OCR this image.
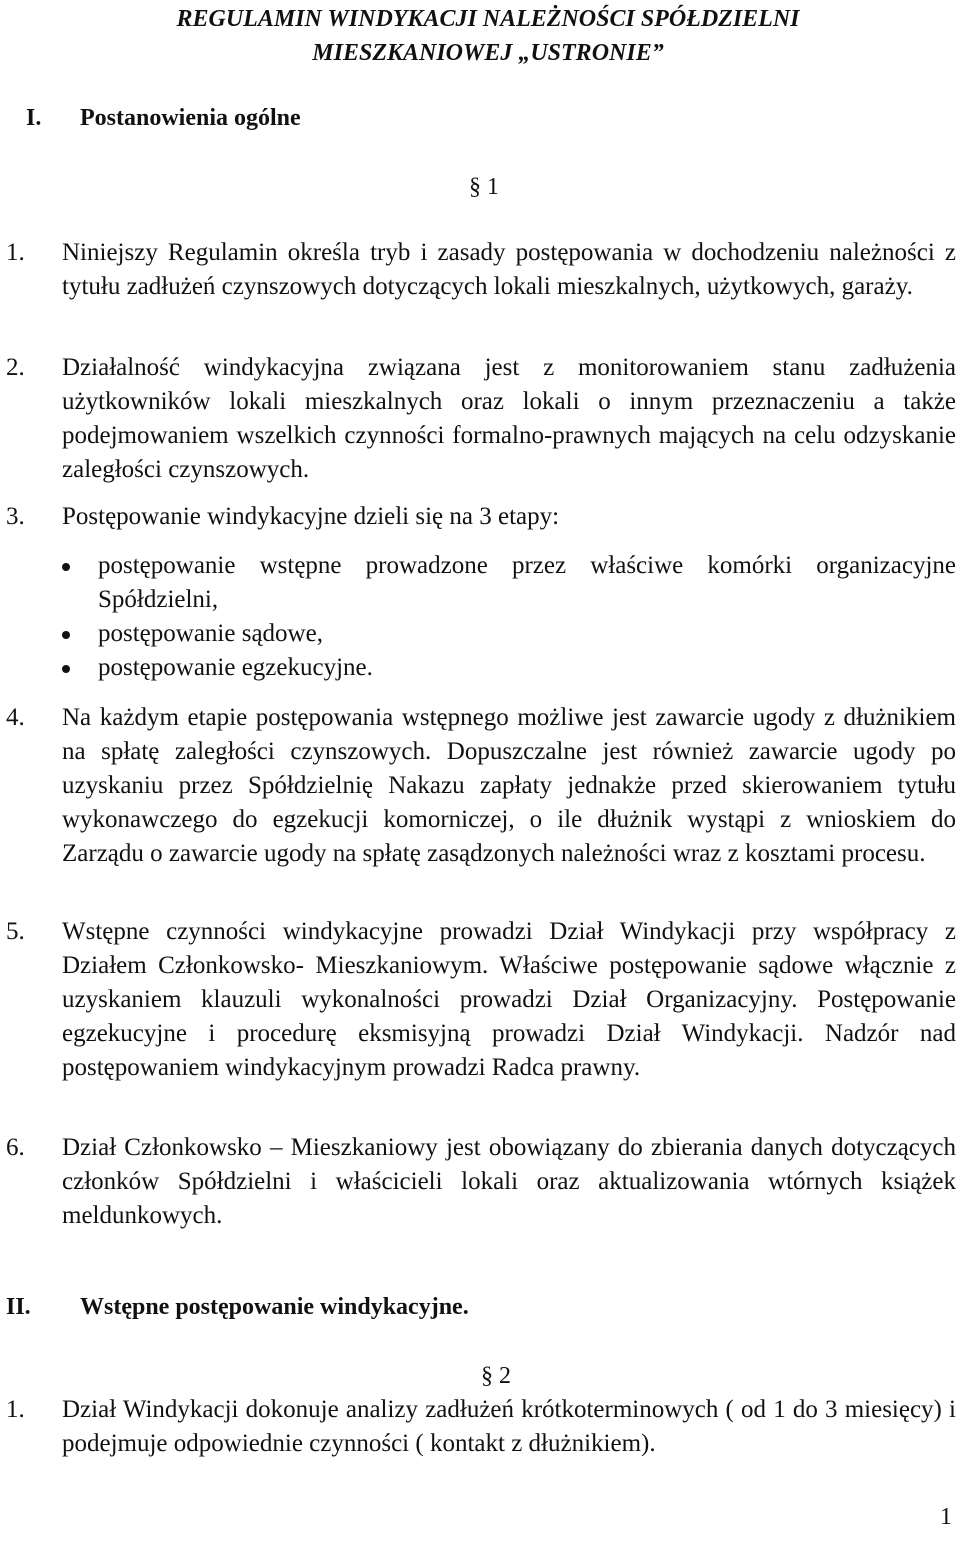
REGULAMIN WINDYKACJI NALEŻNOŚCI SPÓŁDZIELNI
MIESZKANIOWEJ „USTRONIE”
I. Postanowienia ogólne
§ 1
1. Niniejszy Regulamin określa tryb i zasady postępowania w dochodzeniu należności z tytułu zadłużeń czynszowych dotyczących lokali mieszkalnych, użytkowych, garaży.
2. Działalność windykacyjna związana jest z monitorowaniem stanu zadłużenia użytkowników lokali mieszkalnych oraz lokali o innym przeznaczeniu a także podejmowaniem wszelkich czynności formalno-prawnych mających na celu odzyskanie zaległości czynszowych.
3. Postępowanie windykacyjne dzieli się na 3 etapy:
postępowanie wstępne prowadzone przez właściwe komórki organizacyjne Spółdzielni,
postępowanie sądowe,
postępowanie egzekucyjne.
4. Na każdym etapie postępowania wstępnego możliwe jest zawarcie ugody z dłużnikiem na spłatę zaległości czynszowych. Dopuszczalne jest również zawarcie ugody po uzyskaniu przez Spółdzielnię Nakazu zapłaty jednakże przed skierowaniem tytułu wykonawczego do egzekucji komorniczej, o ile dłużnik wystąpi z wnioskiem do Zarządu o zawarcie ugody na spłatę zasądzonych należności wraz z kosztami procesu.
5. Wstępne czynności windykacyjne prowadzi Dział Windykacji przy współpracy z Działem Członkowsko- Mieszkaniowym. Właściwe postępowanie sądowe włącznie z uzyskaniem klauzuli wykonalności prowadzi Dział Organizacyjny. Postępowanie egzekucyjne i procedurę eksmisyjną prowadzi Dział Windykacji. Nadzór nad postępowaniem windykacyjnym prowadzi Radca prawny.
6. Dział Członkowsko – Mieszkaniowy jest obowiązany do zbierania danych dotyczących członków Spółdzielni i właścicieli lokali oraz aktualizowania wtórnych książek meldunkowych.
II. Wstępne postępowanie windykacyjne.
§ 2
1. Dział Windykacji dokonuje analizy zadłużeń krótkoterminowych ( od 1 do 3 miesięcy) i podejmuje odpowiednie czynności ( kontakt z dłużnikiem).
1
